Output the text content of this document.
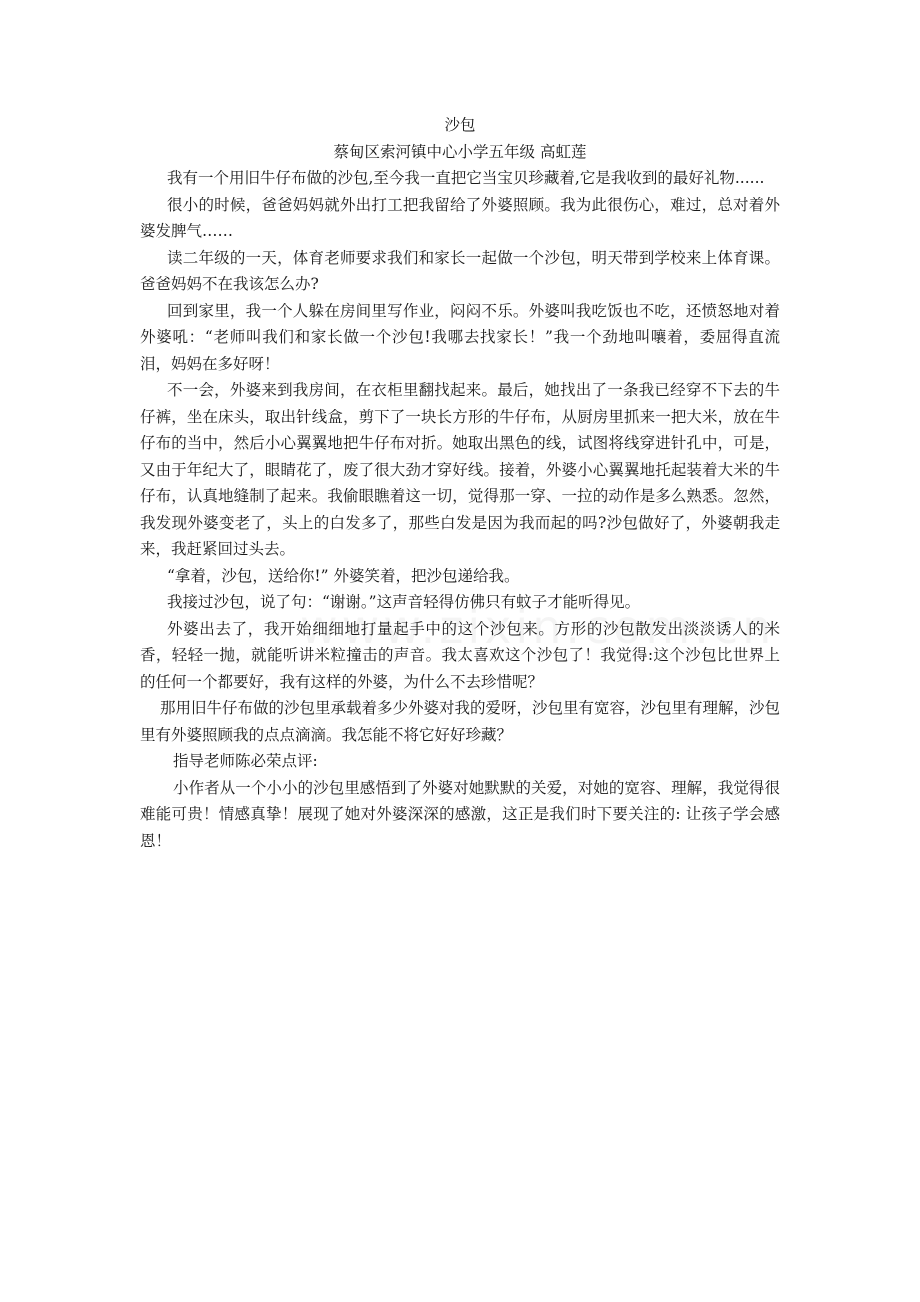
沙包

蔡甸区索河镇中心小学五年级 高虹莲

我有一个用旧牛仔布做的沙包,至今我一直把它当宝贝珍藏着,它是我收到的最好礼物......

很小的时候，爸爸妈妈就外出打工把我留给了外婆照顾。我为此很伤心，难过，总对着外婆发脾气……

读二年级的一天，体育老师要求我们和家长一起做一个沙包，明天带到学校来上体育课。爸爸妈妈不在我该怎么办?

回到家里，我一个人躲在房间里写作业，闷闷不乐。外婆叫我吃饭也不吃，还愤怒地对着外婆吼：“老师叫我们和家长做一个沙包!我哪去找家长！”我一个劲地叫嚷着，委屈得直流泪，妈妈在多好呀！

不一会，外婆来到我房间，在衣柜里翻找起来。最后，她找出了一条我已经穿不下去的牛仔裤，坐在床头，取出针线盒，剪下了一块长方形的牛仔布，从厨房里抓来一把大米，放在牛仔布的当中，然后小心翼翼地把牛仔布对折。她取出黑色的线，试图将线穿进针孔中，可是，又由于年纪大了，眼睛花了，废了很大劲才穿好线。接着，外婆小心翼翼地托起装着大米的牛仔布，认真地缝制了起来。我偷眼瞧着这一切，觉得那一穿、一拉的动作是多么熟悉。忽然，我发现外婆变老了，头上的白发多了，那些白发是因为我而起的吗?沙包做好了，外婆朝我走来，我赶紧回过头去。

“拿着，沙包，送给你!” 外婆笑着，把沙包递给我。

我接过沙包，说了句：“谢谢。”这声音轻得仿佛只有蚊子才能听得见。

外婆出去了，我开始细细地打量起手中的这个沙包来。方形的沙包散发出淡淡诱人的米香，轻轻一抛，就能听讲米粒撞击的声音。我太喜欢这个沙包了！我觉得:这个沙包比世界上的任何一个都要好，我有这样的外婆，为什么不去珍惜呢？

那用旧牛仔布做的沙包里承载着多少外婆对我的爱呀，沙包里有宽容，沙包里有理解，沙包里有外婆照顾我的点点滴滴。我怎能不将它好好珍藏？

指导老师陈必荣点评:

小作者从一个小小的沙包里感悟到了外婆对她默默的关爱，对她的宽容、理解，我觉得很难能可贵！情感真挚！展现了她对外婆深深的感激，这正是我们时下要关注的: 让孩子学会感恩！
